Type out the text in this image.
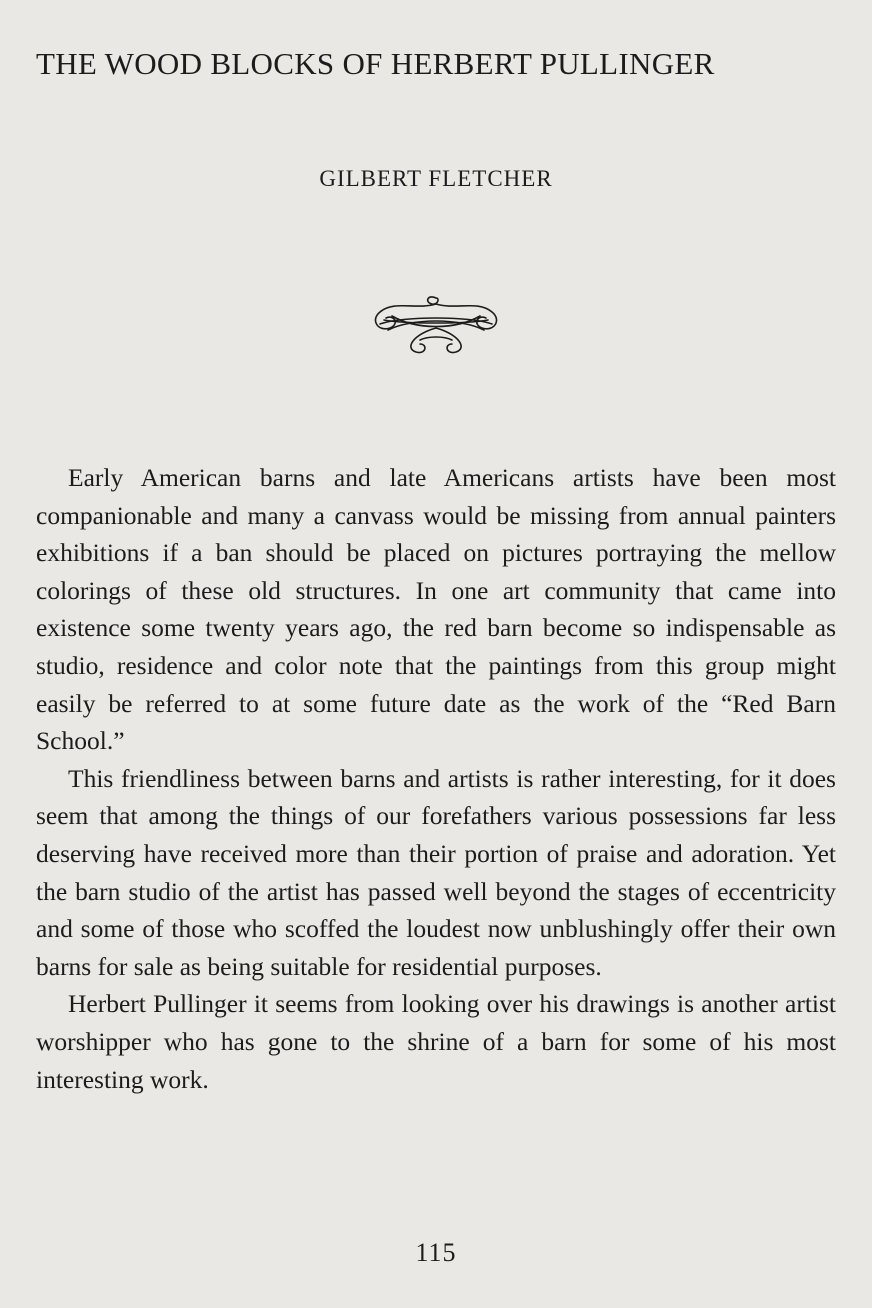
THE WOOD BLOCKS OF HERBERT PULLINGER
GILBERT FLETCHER

Early American barns and late Americans artists have been most companionable and many a canvass would be missing from annual painters exhibitions if a ban should be placed on pictures portraying the mellow colorings of these old structures. In one art community that came into existence some twenty years ago, the red barn become so indispensable as studio, residence and color note that the paintings from this group might easily be referred to at some future date as the work of the “Red Barn School.”

This friendliness between barns and artists is rather interesting, for it does seem that among the things of our forefathers various possessions far less deserving have received more than their portion of praise and adoration. Yet the barn studio of the artist has passed well beyond the stages of eccentricity and some of those who scoffed the loudest now unblushingly offer their own barns for sale as being suitable for residential purposes.

Herbert Pullinger it seems from looking over his drawings is another artist worshipper who has gone to the shrine of a barn for some of his most interesting work.

115
